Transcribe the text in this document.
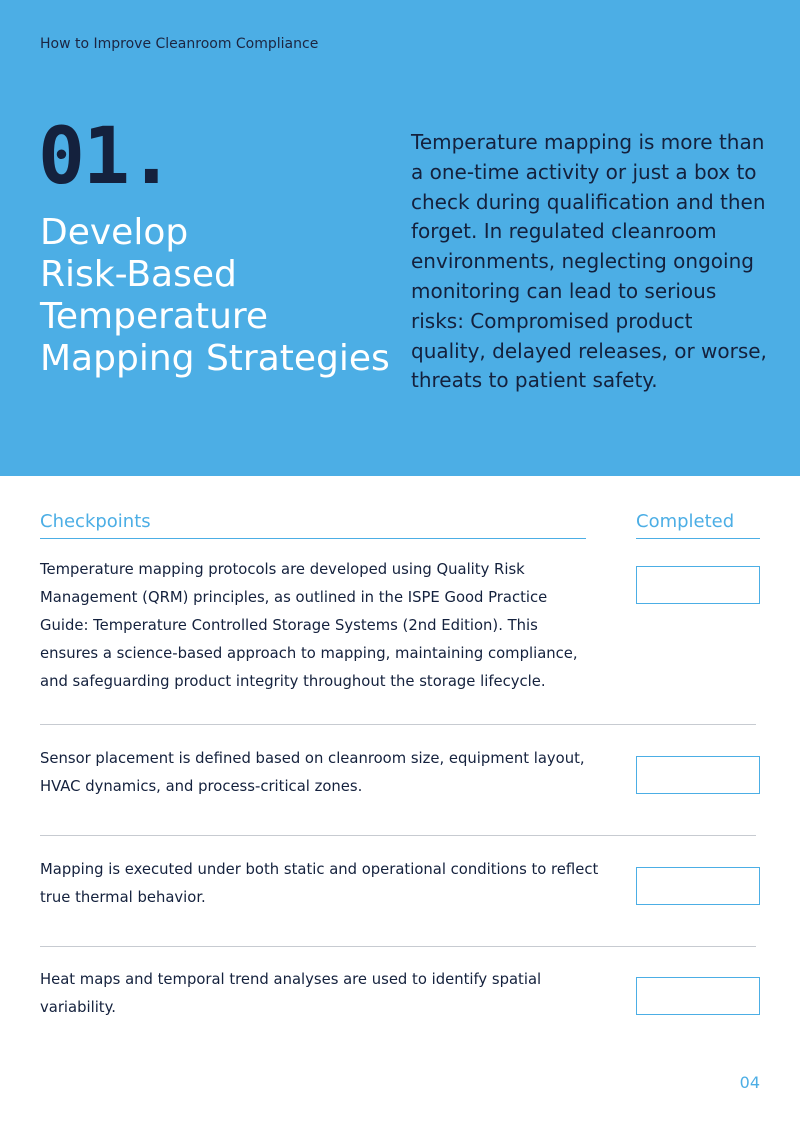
How to Improve Cleanroom Compliance
01.
Develop
Risk-Based
Temperature
Mapping Strategies

Temperature mapping is more than a one-time activity or just a box to check during qualification and then forget. In regulated cleanroom environments, neglecting ongoing monitoring can lead to serious risks: Compromised product quality, delayed releases, or worse, threats to patient safety.

Checkpoints	Completed

Temperature mapping protocols are developed using Quality Risk Management (QRM) principles, as outlined in the ISPE Good Practice Guide: Temperature Controlled Storage Systems (2nd Edition). This ensures a science-based approach to mapping, maintaining compliance, and safeguarding product integrity throughout the storage lifecycle.

Sensor placement is defined based on cleanroom size, equipment layout, HVAC dynamics, and process-critical zones.

Mapping is executed under both static and operational conditions to reflect true thermal behavior.

Heat maps and temporal trend analyses are used to identify spatial variability.

04
